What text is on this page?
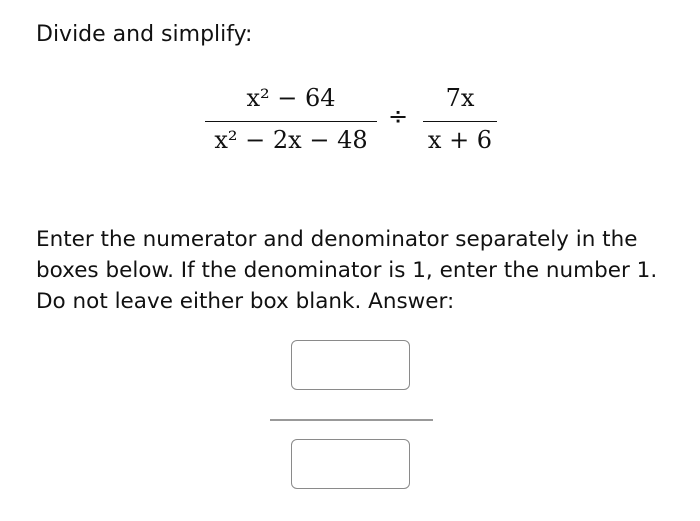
Divide and simplify:
x² − 64
x² − 2x − 48
÷
7x
x + 6

Enter the numerator and denominator separately in the boxes below. If the denominator is 1, enter the number 1. Do not leave either box blank. Answer:
